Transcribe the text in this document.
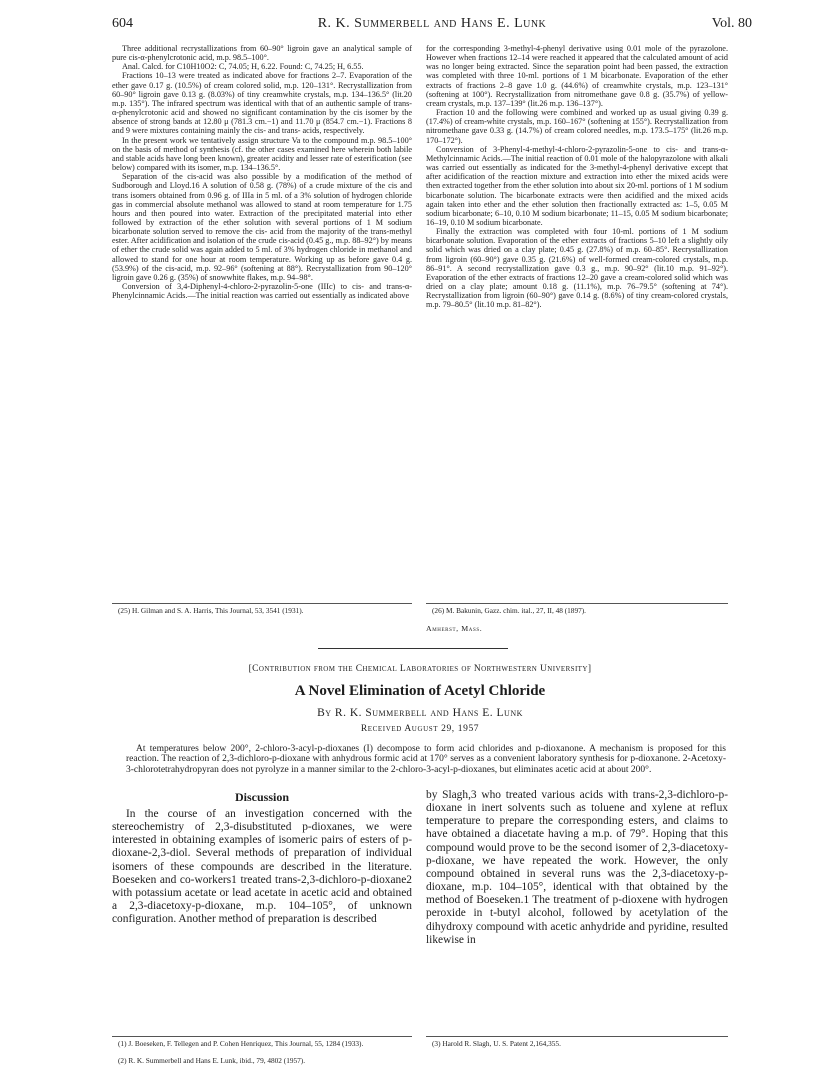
604	R. K. Summerbell and Hans E. Lunk	Vol. 80

Three additional recrystallizations from 60–90° ligroin gave an analytical sample of pure cis-α-phenylcrotonic acid, m.p. 98.5–100°.

Anal. Calcd. for C10H10O2: C, 74.05; H, 6.22. Found: C, 74.25; H, 6.55.

Fractions 10–13 were treated as indicated above for fractions 2–7. Evaporation of the ether gave 0.17 g. (10.5%) of cream colored solid, m.p. 120–131°. Recrystallization from 60–90° ligroin gave 0.13 g. (8.03%) of tiny creamwhite crystals, m.p. 134–136.5° (lit.20 m.p. 135°). The infrared spectrum was identical with that of an authentic sample of trans-α-phenylcrotonic acid and showed no significant contamination by the cis isomer by the absence of strong bands at 12.80 μ (781.3 cm.−1) and 11.70 μ (854.7 cm.−1). Fractions 8 and 9 were mixtures containing mainly the cis- and trans- acids, respectively.

In the present work we tentatively assign structure Va to the compound m.p. 98.5–100° on the basis of method of synthesis (cf. the other cases examined here wherein both labile and stable acids have long been known), greater acidity and lesser rate of esterification (see below) compared with its isomer, m.p. 134–136.5°.

Separation of the cis-acid was also possible by a modification of the method of Sudborough and Lloyd.16 A solution of 0.58 g. (78%) of a crude mixture of the cis and trans isomers obtained from 0.96 g. of IIIa in 5 ml. of a 3% solution of hydrogen chloride gas in commercial absolute methanol was allowed to stand at room temperature for 1.75 hours and then poured into water. Extraction of the precipitated material into ether followed by extraction of the ether solution with several portions of 1 M sodium bicarbonate solution served to remove the cis- acid from the majority of the trans-methyl ester. After acidification and isolation of the crude cis-acid (0.45 g., m.p. 88–92°) by means of ether the crude solid was again added to 5 ml. of 3% hydrogen chloride in methanol and allowed to stand for one hour at room temperature. Working up as before gave 0.4 g. (53.9%) of the cis-acid, m.p. 92–96° (softening at 88°). Recrystallization from 90–120° ligroin gave 0.26 g. (35%) of snowwhite flakes, m.p. 94–98°.

Conversion of 3,4-Diphenyl-4-chloro-2-pyrazolin-5-one (IIIc) to cis- and trans-α-Phenylcinnamic Acids.—The initial reaction was carried out essentially as indicated above

for the corresponding 3-methyl-4-phenyl derivative using 0.01 mole of the pyrazolone. However when fractions 12–14 were reached it appeared that the calculated amount of acid was no longer being extracted. Since the separation point had been passed, the extraction was completed with three 10-ml. portions of 1 M bicarbonate. Evaporation of the ether extracts of fractions 2–8 gave 1.0 g. (44.6%) of creamwhite crystals, m.p. 123–131° (softening at 100°). Recrystallization from nitromethane gave 0.8 g. (35.7%) of yellow-cream crystals, m.p. 137–139° (lit.26 m.p. 136–137°).

Fraction 10 and the following were combined and worked up as usual giving 0.39 g. (17.4%) of cream-white crystals, m.p. 160–167° (softening at 155°). Recrystallization from nitromethane gave 0.33 g. (14.7%) of cream colored needles, m.p. 173.5–175° (lit.26 m.p. 170–172°).

Conversion of 3-Phenyl-4-methyl-4-chloro-2-pyrazolin-5-one to cis- and trans-α-Methylcinnamic Acids.—The initial reaction of 0.01 mole of the halopyrazolone with alkali was carried out essentially as indicated for the 3-methyl-4-phenyl derivative except that after acidification of the reaction mixture and extraction into ether the mixed acids were then extracted together from the ether solution into about six 20-ml. portions of 1 M sodium bicarbonate solution. The bicarbonate extracts were then acidified and the mixed acids again taken into ether and the ether solution then fractionally extracted as: 1–5, 0.05 M sodium bicarbonate; 6–10, 0.10 M sodium bicarbonate; 11–15, 0.05 M sodium bicarbonate; 16–19, 0.10 M sodium bicarbonate.

Finally the extraction was completed with four 10-ml. portions of 1 M sodium bicarbonate solution. Evaporation of the ether extracts of fractions 5–10 left a slightly oily solid which was dried on a clay plate; 0.45 g. (27.8%) of m.p. 60–85°. Recrystallization from ligroin (60–90°) gave 0.35 g. (21.6%) of well-formed cream-colored crystals, m.p. 86–91°. A second recrystallization gave 0.3 g., m.p. 90–92° (lit.10 m.p. 91–92°). Evaporation of the ether extracts of fractions 12–20 gave a cream-colored solid which was dried on a clay plate; amount 0.18 g. (11.1%), m.p. 76–79.5° (softening at 74°). Recrystallization from ligroin (60–90°) gave 0.14 g. (8.6%) of tiny cream-colored crystals, m.p. 79–80.5° (lit.10 m.p. 81–82°).

(25) H. Gilman and S. A. Harris, This Journal, 53, 3541 (1931).	(26) M. Bakunin, Gazz. chim. ital., 27, II, 48 (1897).
Amherst, Mass.
[Contribution from the Chemical Laboratories of Northwestern University]
A Novel Elimination of Acetyl Chloride
By R. K. Summerbell and Hans E. Lunk
Received August 29, 1957
At temperatures below 200°, 2-chloro-3-acyl-p-dioxanes (I) decompose to form acid chlorides and p-dioxanone. A mechanism is proposed for this reaction. The reaction of 2,3-dichloro-p-dioxane with anhydrous formic acid at 170° serves as a convenient laboratory synthesis for p-dioxanone. 2-Acetoxy-3-chlorotetrahydropyran does not pyrolyze in a manner similar to the 2-chloro-3-acyl-p-dioxanes, but eliminates acetic acid at about 200°.
Discussion

In the course of an investigation concerned with the stereochemistry of 2,3-disubstituted p-dioxanes, we were interested in obtaining examples of isomeric pairs of esters of p-dioxane-2,3-diol. Several methods of preparation of individual isomers of these compounds are described in the literature. Boeseken and co-workers1 treated trans-2,3-dichloro-p-dioxane2 with potassium acetate or lead acetate in acetic acid and obtained a 2,3-diacetoxy-p-dioxane, m.p. 104–105°, of unknown configuration. Another method of preparation is described

by Slagh,3 who treated various acids with trans-2,3-dichloro-p-dioxane in inert solvents such as toluene and xylene at reflux temperature to prepare the corresponding esters, and claims to have obtained a diacetate having a m.p. of 79°. Hoping that this compound would prove to be the second isomer of 2,3-diacetoxy-p-dioxane, we have repeated the work. However, the only compound obtained in several runs was the 2,3-diacetoxy-p-dioxane, m.p. 104–105°, identical with that obtained by the method of Boeseken.1 The treatment of p-dioxene with hydrogen peroxide in t-butyl alcohol, followed by acetylation of the dihydroxy compound with acetic anhydride and pyridine, resulted likewise in

(1) J. Boeseken, F. Tellegen and P. Cohen Henriquez, This Journal, 55, 1284 (1933).
(2) R. K. Summerbell and Hans E. Lunk, ibid., 79, 4802 (1957).
(3) Harold R. Slagh, U. S. Patent 2,164,355.
